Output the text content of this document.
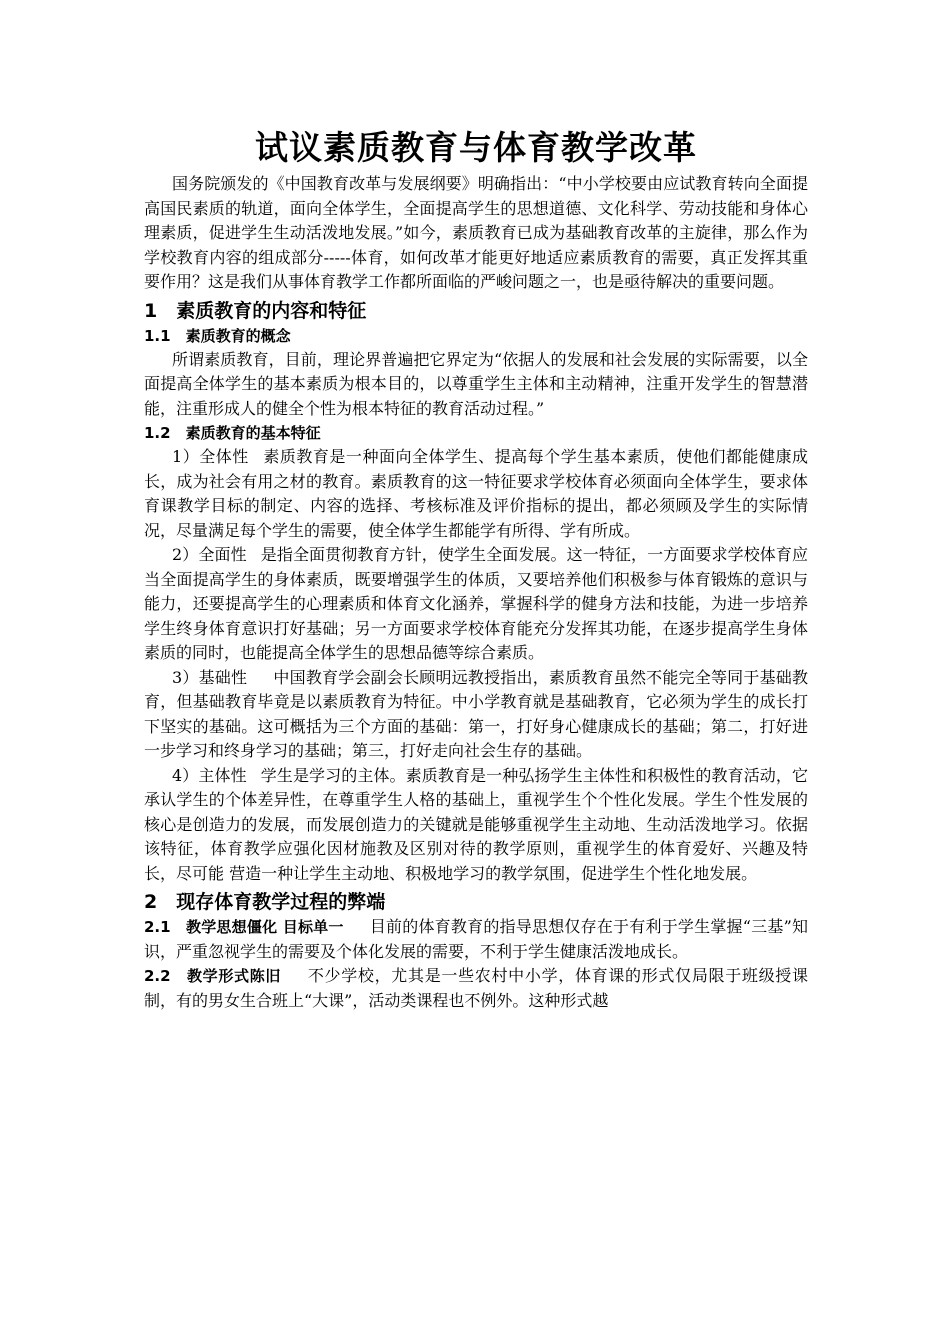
试议素质教育与体育教学改革

国务院颁发的《中国教育改革与发展纲要》明确指出：“中小学校要由应试教育转向全面提高国民素质的轨道，面向全体学生，全面提高学生的思想道德、文化科学、劳动技能和身体心理素质，促进学生生动活泼地发展。”如今，素质教育已成为基础教育改革的主旋律，那么作为学校教育内容的组成部分-----体育，如何改革才能更好地适应素质教育的需要，真正发挥其重要作用？这是我们从事体育教学工作都所面临的严峻问题之一，也是亟待解决的重要问题。

1　素质教育的内容和特征
1.1　素质教育的概念

所谓素质教育，目前，理论界普遍把它界定为“依据人的发展和社会发展的实际需要，以全面提高全体学生的基本素质为根本目的，以尊重学生主体和主动精神，注重开发学生的智慧潜能，注重形成人的健全个性为根本特征的教育活动过程。”

1.2　素质教育的基本特征

1）全体性 素质教育是一种面向全体学生、提高每个学生基本素质，使他们都能健康成长，成为社会有用之材的教育。素质教育的这一特征要求学校体育必须面向全体学生，要求体育课教学目标的制定、内容的选择、考核标准及评价指标的提出，都必须顾及学生的实际情况，尽量满足每个学生的需要，使全体学生都能学有所得、学有所成。

2）全面性 是指全面贯彻教育方针，使学生全面发展。这一特征，一方面要求学校体育应当全面提高学生的身体素质，既要增强学生的体质，又要培养他们积极参与体育锻炼的意识与能力，还要提高学生的心理素质和体育文化涵养，掌握科学的健身方法和技能，为进一步培养学生终身体育意识打好基础；另一方面要求学校体育能充分发挥其功能，在逐步提高学生身体素质的同时，也能提高全体学生的思想品德等综合素质。

3）基础性 中国教育学会副会长顾明远教授指出，素质教育虽然不能完全等同于基础教育，但基础教育毕竟是以素质教育为特征。中小学教育就是基础教育，它必须为学生的成长打下坚实的基础。这可概括为三个方面的基础：第一，打好身心健康成长的基础；第二，打好进一步学习和终身学习的基础；第三，打好走向社会生存的基础。

4）主体性 学生是学习的主体。素质教育是一种弘扬学生主体性和积极性的教育活动，它承认学生的个体差异性，在尊重学生人格的基础上，重视学生个个性化发展。学生个性发展的核心是创造力的发展，而发展创造力的关键就是能够重视学生主动地、生动活泼地学习。依据该特征，体育教学应强化因材施教及区别对待的教学原则，重视学生的体育爱好、兴趣及特长，尽可能 营造一种让学生主动地、积极地学习的教学氛围，促进学生个性化地发展。

2　现存体育教学过程的弊端

2.1　教学思想僵化 目标单一 目前的体育教育的指导思想仅存在于有利于学生掌握“三基”知识，严重忽视学生的需要及个体化发展的需要，不利于学生健康活泼地成长。

2.2　教学形式陈旧 不少学校，尤其是一些农村中小学，体育课的形式仅局限于班级授课制，有的男女生合班上“大课”，活动类课程也不例外。这种形式越
